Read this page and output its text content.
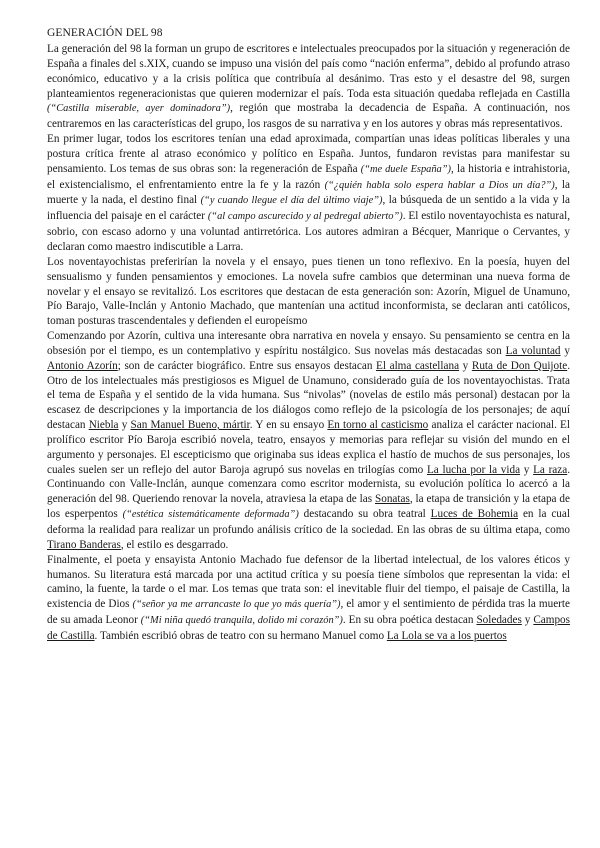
GENERACIÓN DEL 98

La generación del 98 la forman un grupo de escritores e intelectuales preocupados por la situación y regeneración de España a finales del s.XIX, cuando se impuso una visión del país como “nación enferma”, debido al profundo atraso económico, educativo y a la crisis política que contribuía al desánimo. Tras esto y el desastre del 98, surgen planteamientos regeneracionistas que quieren modernizar el país. Toda esta situación quedaba reflejada en Castilla (“Castilla miserable, ayer dominadora”), región que mostraba la decadencia de España. A continuación, nos centraremos en las características del grupo, los rasgos de su narrativa y en los autores y obras más representativos.

En primer lugar, todos los escritores tenían una edad aproximada, compartían unas ideas políticas liberales y una postura crítica frente al atraso económico y político en España. Juntos, fundaron revistas para manifestar su pensamiento. Los temas de sus obras son: la regeneración de España (“me duele España”), la historia e intrahistoria, el existencialismo, el enfrentamiento entre la fe y la razón (“¿quién habla solo espera hablar a Dios un día?”), la muerte y la nada, el destino final (“y cuando llegue el día del último viaje”), la búsqueda de un sentido a la vida y la influencia del paisaje en el carácter (“al campo ascurecido y al pedregal abierto”). El estilo noventayochista es natural, sobrio, con escaso adorno y una voluntad antirretórica. Los autores admiran a Bécquer, Manrique o Cervantes, y declaran como maestro indiscutible a Larra.

Los noventayochistas preferirían la novela y el ensayo, pues tienen un tono reflexivo. En la poesía, huyen del sensualismo y funden pensamientos y emociones. La novela sufre cambios que determinan una nueva forma de novelar y el ensayo se revitalizó. Los escritores que destacan de esta generación son: Azorín, Miguel de Unamuno, Pío Barajo, Valle-Inclán y Antonio Machado, que mantenían una actitud inconformista, se declaran anti católicos, toman posturas trascendentales y defienden el europeísmo

Comenzando por Azorín, cultiva una interesante obra narrativa en novela y ensayo. Su pensamiento se centra en la obsesión por el tiempo, es un contemplativo y espíritu nostálgico. Sus novelas más destacadas son La voluntad y Antonio Azorín; son de carácter biográfico. Entre sus ensayos destacan El alma castellana y Ruta de Don Quijote. Otro de los intelectuales más prestigiosos es Miguel de Unamuno, considerado guía de los noventayochistas. Trata el tema de España y el sentido de la vida humana. Sus “nivolas” (novelas de estilo más personal) destacan por la escasez de descripciones y la importancia de los diálogos como reflejo de la psicología de los personajes; de aquí destacan Niebla y San Manuel Bueno, mártir. Y en su ensayo En torno al casticismo analiza el carácter nacional. El prolífico escritor Pío Baroja escribió novela, teatro, ensayos y memorias para reflejar su visión del mundo en el argumento y personajes. El escepticismo que originaba sus ideas explica el hastío de muchos de sus personajes, los cuales suelen ser un reflejo del autor Baroja agrupó sus novelas en trilogías como La lucha por la vida y La raza. Continuando con Valle-Inclán, aunque comenzara como escritor modernista, su evolución política lo acercó a la generación del 98. Queriendo renovar la novela, atraviesa la etapa de las Sonatas, la etapa de transición y la etapa de los esperpentos (“estética sistemáticamente deformada”) destacando su obra teatral Luces de Bohemia en la cual deforma la realidad para realizar un profundo análisis crítico de la sociedad. En las obras de su última etapa, como Tirano Banderas, el estilo es desgarrado.

Finalmente, el poeta y ensayista Antonio Machado fue defensor de la libertad intelectual, de los valores éticos y humanos. Su literatura está marcada por una actitud crítica y su poesía tiene símbolos que representan la vida: el camino, la fuente, la tarde o el mar. Los temas que trata son: el inevitable fluir del tiempo, el paisaje de Castilla, la existencia de Dios (“señor ya me arrancaste lo que yo más quería”), el amor y el sentimiento de pérdida tras la muerte de su amada Leonor (“Mi niña quedó tranquila, dolido mi corazón”). En su obra poética destacan Soledades y Campos de Castilla. También escribió obras de teatro con su hermano Manuel como La Lola se va a los puertos
